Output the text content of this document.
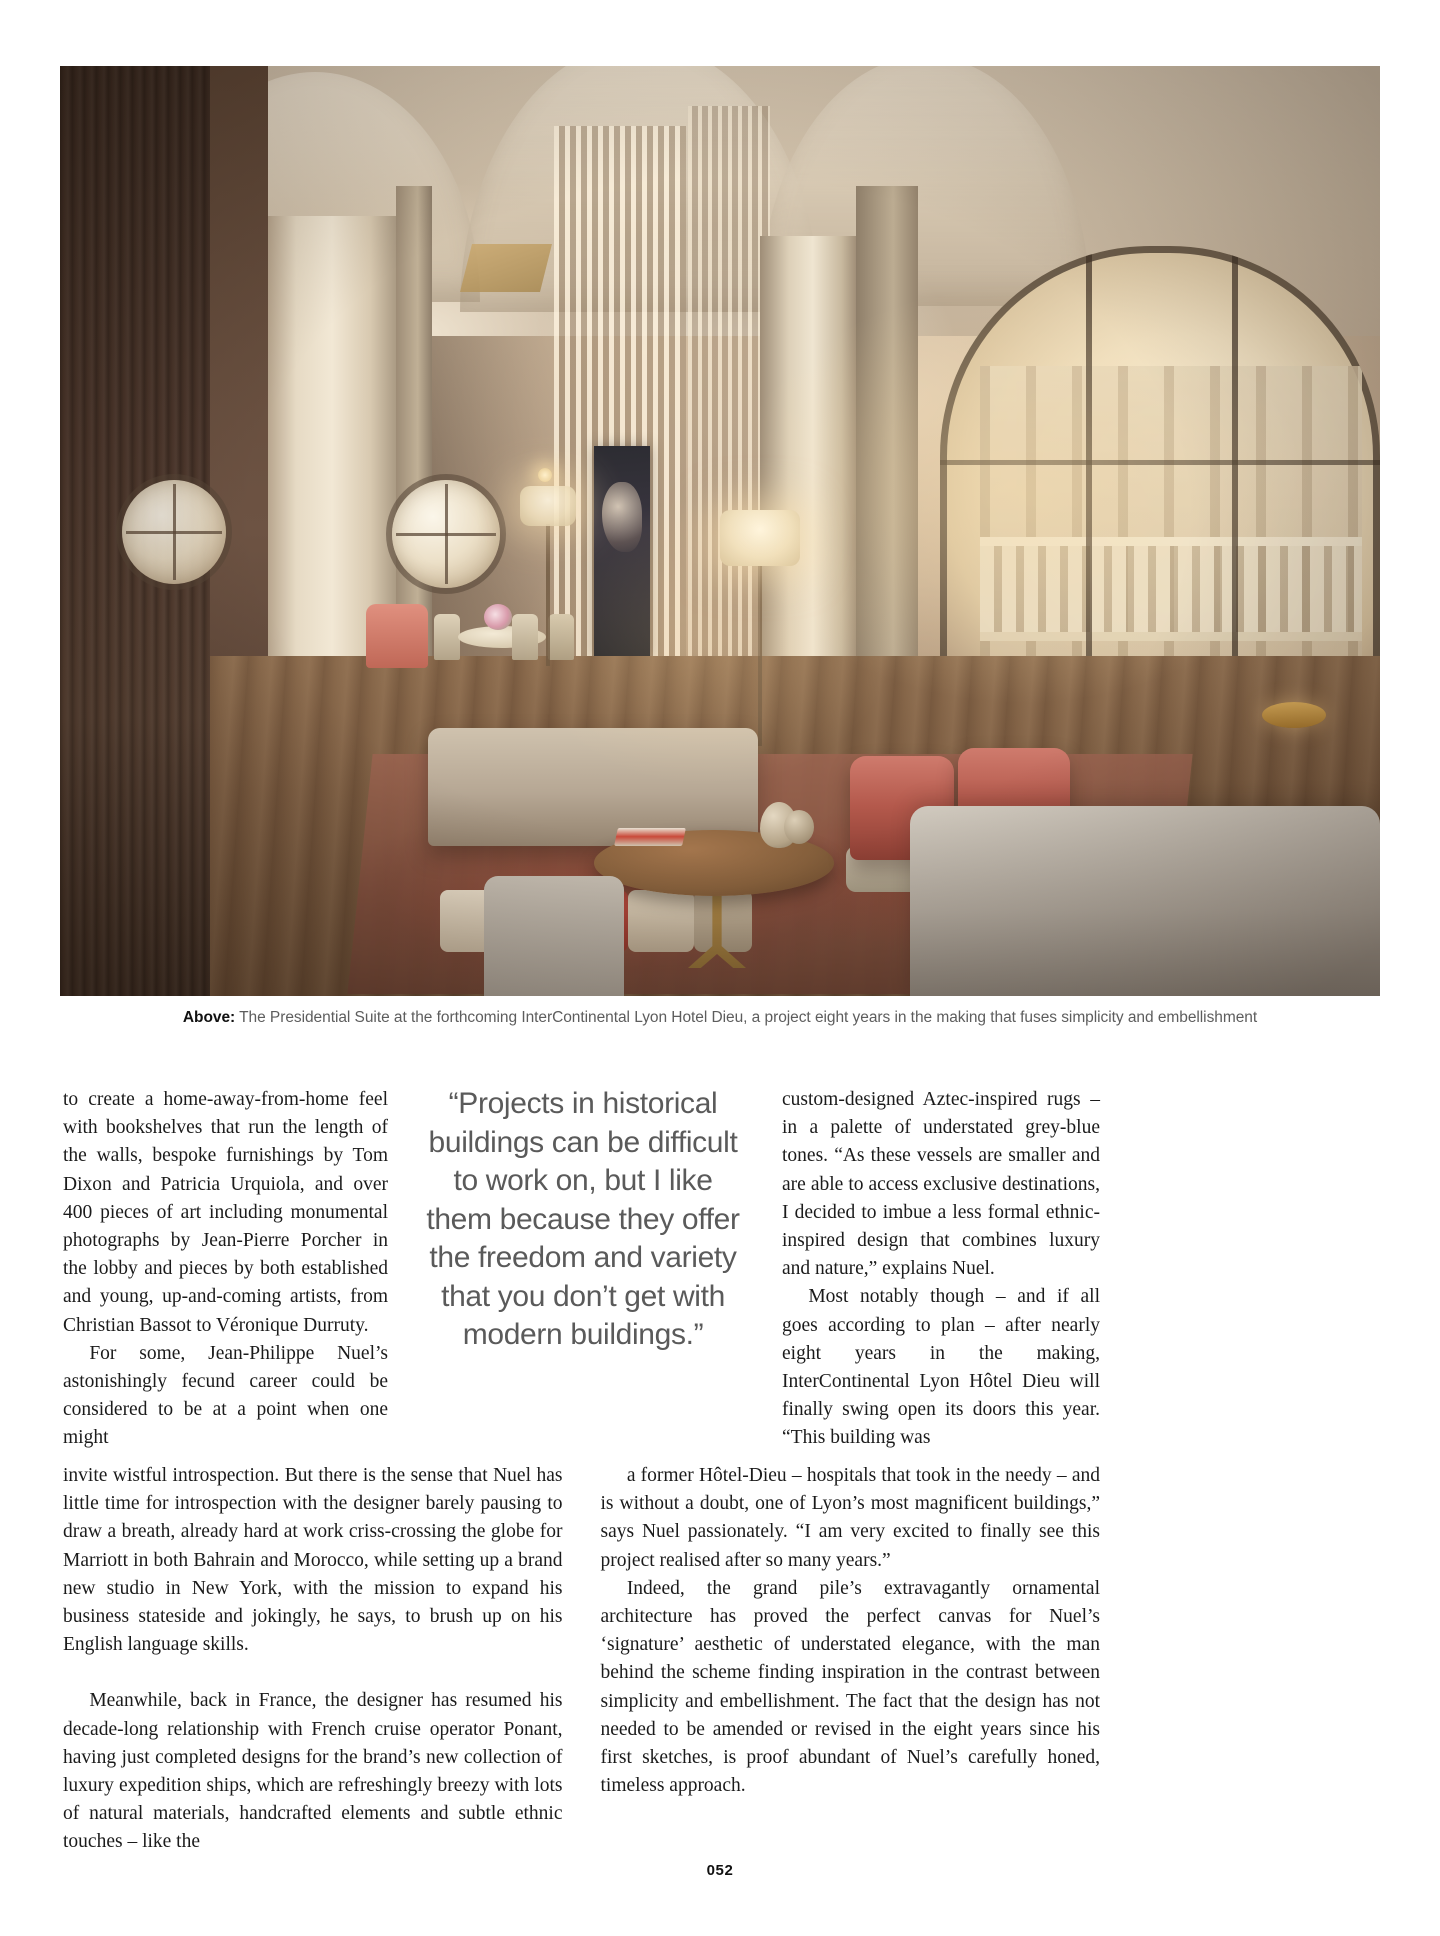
Above: The Presidential Suite at the forthcoming InterContinental Lyon Hotel Dieu, a project eight years in the making that fuses simplicity and embellishment

to create a home-away-from-home feel with bookshelves that run the length of the walls, bespoke furnishings by Tom Dixon and Patricia Urquiola, and over 400 pieces of art including monumental photographs by Jean-Pierre Porcher in the lobby and pieces by both established and young, up-and-coming artists, from Christian Bassot to Véronique Durruty.

For some, Jean-Philippe Nuel’s astonishingly fecund career could be considered to be at a point when one might

“Projects in historical buildings can be difficult to work on, but I like them because they offer the freedom and variety that you don’t get with modern buildings.”

custom-designed Aztec-inspired rugs – in a palette of understated grey-blue tones. “As these vessels are smaller and are able to access exclusive destinations, I decided to imbue a less formal ethnic-inspired design that combines luxury and nature,” explains Nuel.

Most notably though – and if all goes according to plan – after nearly eight years in the making, InterContinental Lyon Hôtel Dieu will finally swing open its doors this year. “This building was

invite wistful introspection. But there is the sense that Nuel has little time for introspection with the designer barely pausing to draw a breath, already hard at work criss-crossing the globe for Marriott in both Bahrain and Morocco, while setting up a brand new studio in New York, with the mission to expand his business stateside and jokingly, he says, to brush up on his English language skills.

Meanwhile, back in France, the designer has resumed his decade-long relationship with French cruise operator Ponant, having just completed designs for the brand’s new collection of luxury expedition ships, which are refreshingly breezy with lots of natural materials, handcrafted elements and subtle ethnic touches – like the

a former Hôtel-Dieu – hospitals that took in the needy – and is without a doubt, one of Lyon’s most magnificent buildings,” says Nuel passionately. “I am very excited to finally see this project realised after so many years.”

Indeed, the grand pile’s extravagantly ornamental architecture has proved the perfect canvas for Nuel’s ‘signature’ aesthetic of understated elegance, with the man behind the scheme finding inspiration in the contrast between simplicity and embellishment. The fact that the design has not needed to be amended or revised in the eight years since his first sketches, is proof abundant of Nuel’s carefully honed, timeless approach.

052
